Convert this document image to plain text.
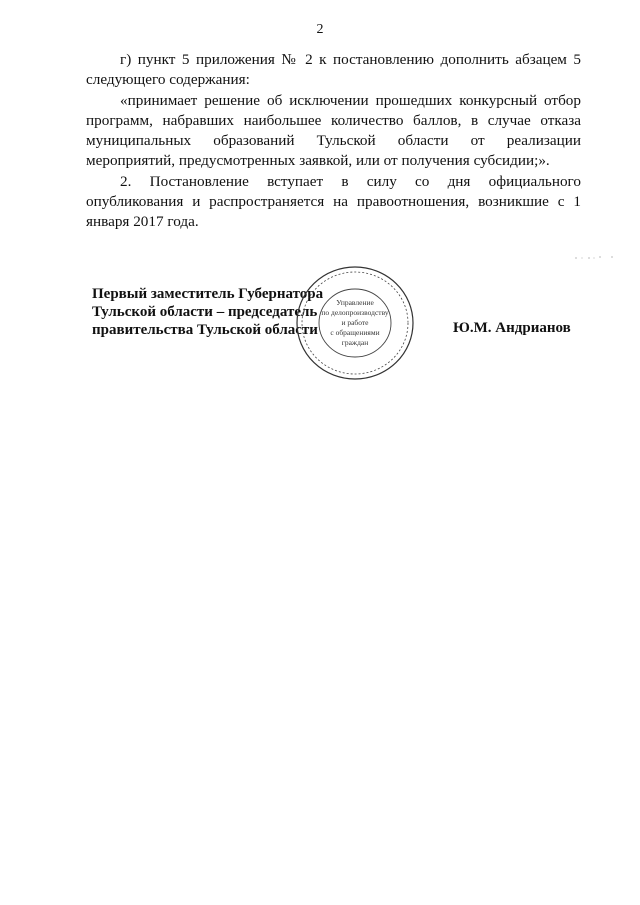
2

г) пункт 5 приложения № 2 к постановлению дополнить абзацем 5 следующего содержания:

«принимает решение об исключении прошедших конкурсный отбор программ, набравших наибольшее количество баллов, в случае отказа муниципальных образований Тульской области от реализации мероприятий, предусмотренных заявкой, или от получения субсидии;».

2. Постановление вступает в силу со дня официального опубликования и распространяется на правоотношения, возникшие с 1 января 2017 года.

Первый заместитель Губернатора
Тульской области – председатель
правительства Тульской области	Ю.М. Андрианов
Управление
по делопроизводству
и работе
с обращениями
граждан
